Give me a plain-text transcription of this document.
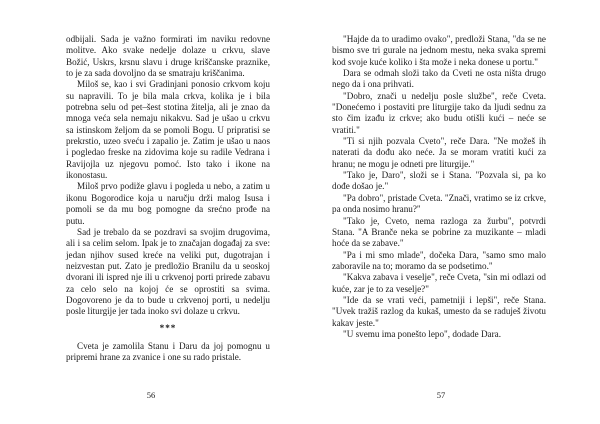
odbijali. Sada je važno formirati im naviku redovne molitve. Ako svake nedelje dolaze u crkvu, slave Božić, Uskrs, krsnu slavu i druge kriščanske praznike, to je za sada dovoljno da se smatraju kriščanima.

Miloš se, kao i svi Gradinjani ponosio crkvom koju su napravili. To je bila mala crkva, kolika je i bila potrebna selu od pet–šest stotina žitelja, ali je znao da mnoga veća sela nemaju nikakvu. Sad je ušao u crkvu sa istinskom željom da se pomoli Bogu. U pripratisi se prekrstio, uzeo sveću i zapalio je. Zatim je ušao u naos i pogledao freske na zidovima koje su radile Vedrana i Ravijojla uz njegovu pomoć. Isto tako i ikone na ikonostasu.

Miloš prvo podiže glavu i pogleda u nebo, a zatim u ikonu Bogorodice koja u naručju drži malog Isusa i pomoli se da mu bog pomogne da srećno prođe na putu.

Sad je trebalo da se pozdravi sa svojim drugovima, ali i sa celim selom. Ipak je to značajan događaj za sve: jedan njihov sused kreće na veliki put, dugotrajan i neizvestan put. Zato je predložio Branilu da u seoskoj dvorani ili ispred nje ili u crkvenoj porti prirede zabavu za celo selo na kojoj će se oprostiti sa svima. Dogovoreno je da to bude u crkvenoj porti, u nedelju posle liturgije jer tada inoko svi dolaze u crkvu.

***

Cveta je zamolila Stanu i Daru da joj pomognu u pripremi hrane za zvanice i one su rado pristale.

56

"Hajde da to uradimo ovako", predloži Stana, "da se ne bismo sve tri gurale na jednom mestu, neka svaka spremi kod svoje kuće koliko i šta može i neka donese u portu."

Dara se odmah složi tako da Cveti ne osta ništa drugo nego da i ona prihvati.

"Dobro, znači u nedelju posle službe", reče Cveta. "Donećemo i postaviti pre liturgije tako da ljudi sednu za sto čim izađu iz crkve; ako budu otišli kući – neće se vratiti."

"Ti si njih pozvala Cveto", reče Dara. "Ne možeš ih naterati da dođu ako neće. Ja se moram vratiti kući za hranu; ne mogu je odneti pre liturgije."

"Tako je, Daro", složi se i Stana. "Pozvala si, pa ko dođe došao je."

"Pa dobro", pristade Cveta. "Znači, vratimo se iz crkve, pa onda nosimo hranu?"

"Tako je, Cveto, nema razloga za žurbu", potvrdi Stana. "A Branče neka se pobrine za muzikante – mladi hoće da se zabave."

"Pa i mi smo mlade", dočeka Dara, "samo smo malo zaboravile na to; moramo da se podsetimo."

"Kakva zabava i veselje", reče Cveta, "sin mi odlazi od kuće, zar je to za veselje?"

"Ide da se vrati veći, pametniji i lepši", reče Stana. "Uvek tražiš razlog da kukaš, umesto da se raduješ životu kakav jeste."

"U svemu ima ponešto lepo", dodade Dara.

57
